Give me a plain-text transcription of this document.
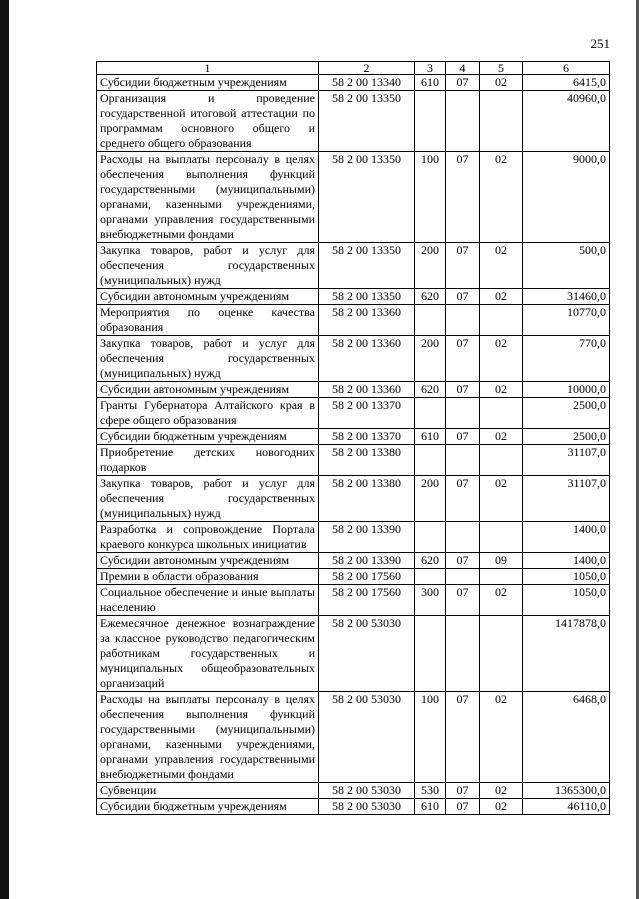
251
1	2	3	4	5	6
Субсидии бюджетным учреждениям	58 2 00 13340	610	07	02	6415,0
Организация и проведение государственной итоговой аттестации по программам основного общего и среднего общего образования	58 2 00 13350				40960,0
Расходы на выплаты персоналу в целях обеспечения выполнения функций государственными (муниципальными) органами, казенными учреждениями, органами управления государственными внебюджетными фондами	58 2 00 13350	100	07	02	9000,0
Закупка товаров, работ и услуг для обеспечения государственных (муниципальных) нужд	58 2 00 13350	200	07	02	500,0
Субсидии автономным учреждениям	58 2 00 13350	620	07	02	31460,0
Мероприятия по оценке качества образования	58 2 00 13360				10770,0
Закупка товаров, работ и услуг для обеспечения государственных (муниципальных) нужд	58 2 00 13360	200	07	02	770,0
Субсидии автономным учреждениям	58 2 00 13360	620	07	02	10000,0
Гранты Губернатора Алтайского края в сфере общего образования	58 2 00 13370				2500,0
Субсидии бюджетным учреждениям	58 2 00 13370	610	07	02	2500,0
Приобретение детских новогодних подарков	58 2 00 13380				31107,0
Закупка товаров, работ и услуг для обеспечения государственных (муниципальных) нужд	58 2 00 13380	200	07	02	31107,0
Разработка и сопровождение Портала краевого конкурса школьных инициатив	58 2 00 13390				1400,0
Субсидии автономным учреждениям	58 2 00 13390	620	07	09	1400,0
Премии в области образования	58 2 00 17560				1050,0
Социальное обеспечение и иные выплаты населению	58 2 00 17560	300	07	02	1050,0
Ежемесячное денежное вознаграждение за классное руководство педагогическим работникам государственных и муниципальных общеобразовательных организаций	58 2 00 53030				1417878,0
Расходы на выплаты персоналу в целях обеспечения выполнения функций государственными (муниципальными) органами, казенными учреждениями, органами управления государственными внебюджетными фондами	58 2 00 53030	100	07	02	6468,0
Субвенции	58 2 00 53030	530	07	02	1365300,0
Субсидии бюджетным учреждениям	58 2 00 53030	610	07	02	46110,0
